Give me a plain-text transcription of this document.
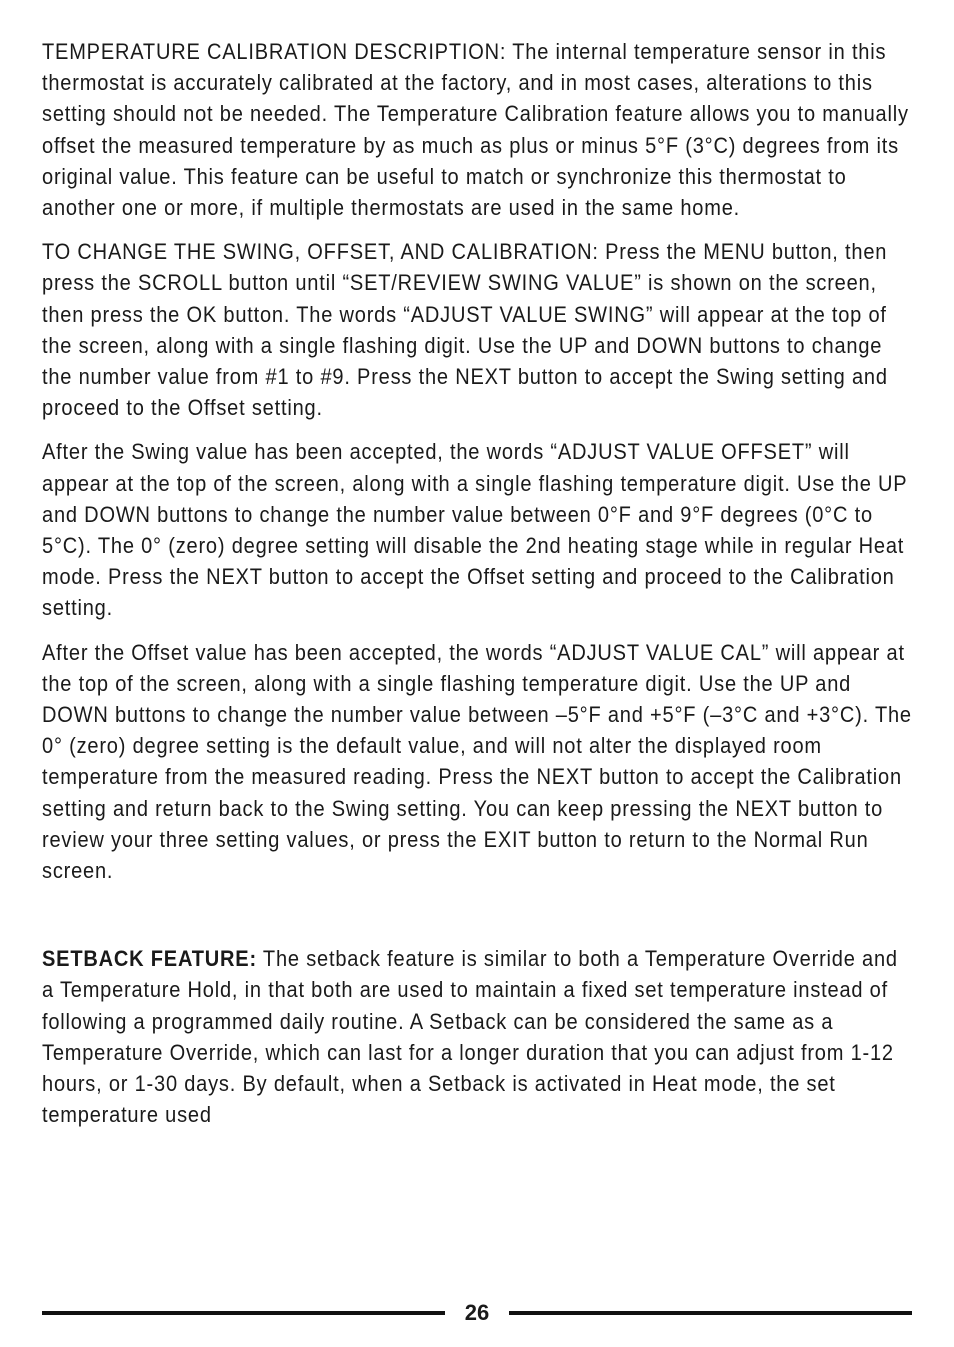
TEMPERATURE CALIBRATION DESCRIPTION: The internal temperature sensor in this thermostat is accurately calibrated at the factory, and in most cases, alterations to this setting should not be needed. The Temperature Calibration feature allows you to manually offset the measured temperature by as much as plus or minus 5°F (3°C) degrees from its original value. This feature can be useful to match or synchronize this thermostat to another one or more, if multiple thermostats are used in the same home.

TO CHANGE THE SWING, OFFSET, AND CALIBRATION: Press the MENU button, then press the SCROLL button until “SET/REVIEW SWING VALUE” is shown on the screen, then press the OK button. The words “ADJUST VALUE SWING” will appear at the top of the screen, along with a single flashing digit. Use the UP and DOWN buttons to change the number value from #1 to #9. Press the NEXT button to accept the Swing setting and proceed to the Offset setting.

After the Swing value has been accepted, the words “ADJUST VALUE OFFSET” will appear at the top of the screen, along with a single flashing temperature digit. Use the UP and DOWN buttons to change the number value between 0°F and 9°F degrees (0°C to 5°C). The 0° (zero) degree setting will disable the 2nd heating stage while in regular Heat mode. Press the NEXT button to accept the Offset setting and proceed to the Calibration setting.

After the Offset value has been accepted, the words “ADJUST VALUE CAL” will appear at the top of the screen, along with a single flashing temperature digit. Use the UP and DOWN buttons to change the number value between –5°F and +5°F (–3°C and +3°C). The 0° (zero) degree setting is the default value, and will not alter the displayed room temperature from the measured reading. Press the NEXT button to accept the Calibration setting and return back to the Swing setting. You can keep pressing the NEXT button to review your three setting values, or press the EXIT button to return to the Normal Run screen.

SETBACK FEATURE: The setback feature is similar to both a Temperature Override and a Temperature Hold, in that both are used to maintain a fixed set temperature instead of following a programmed daily routine. A Setback can be considered the same as a Temperature Override, which can last for a longer duration that you can adjust from 1-12 hours, or 1-30 days. By default, when a Setback is activated in Heat mode, the set temperature used

26
